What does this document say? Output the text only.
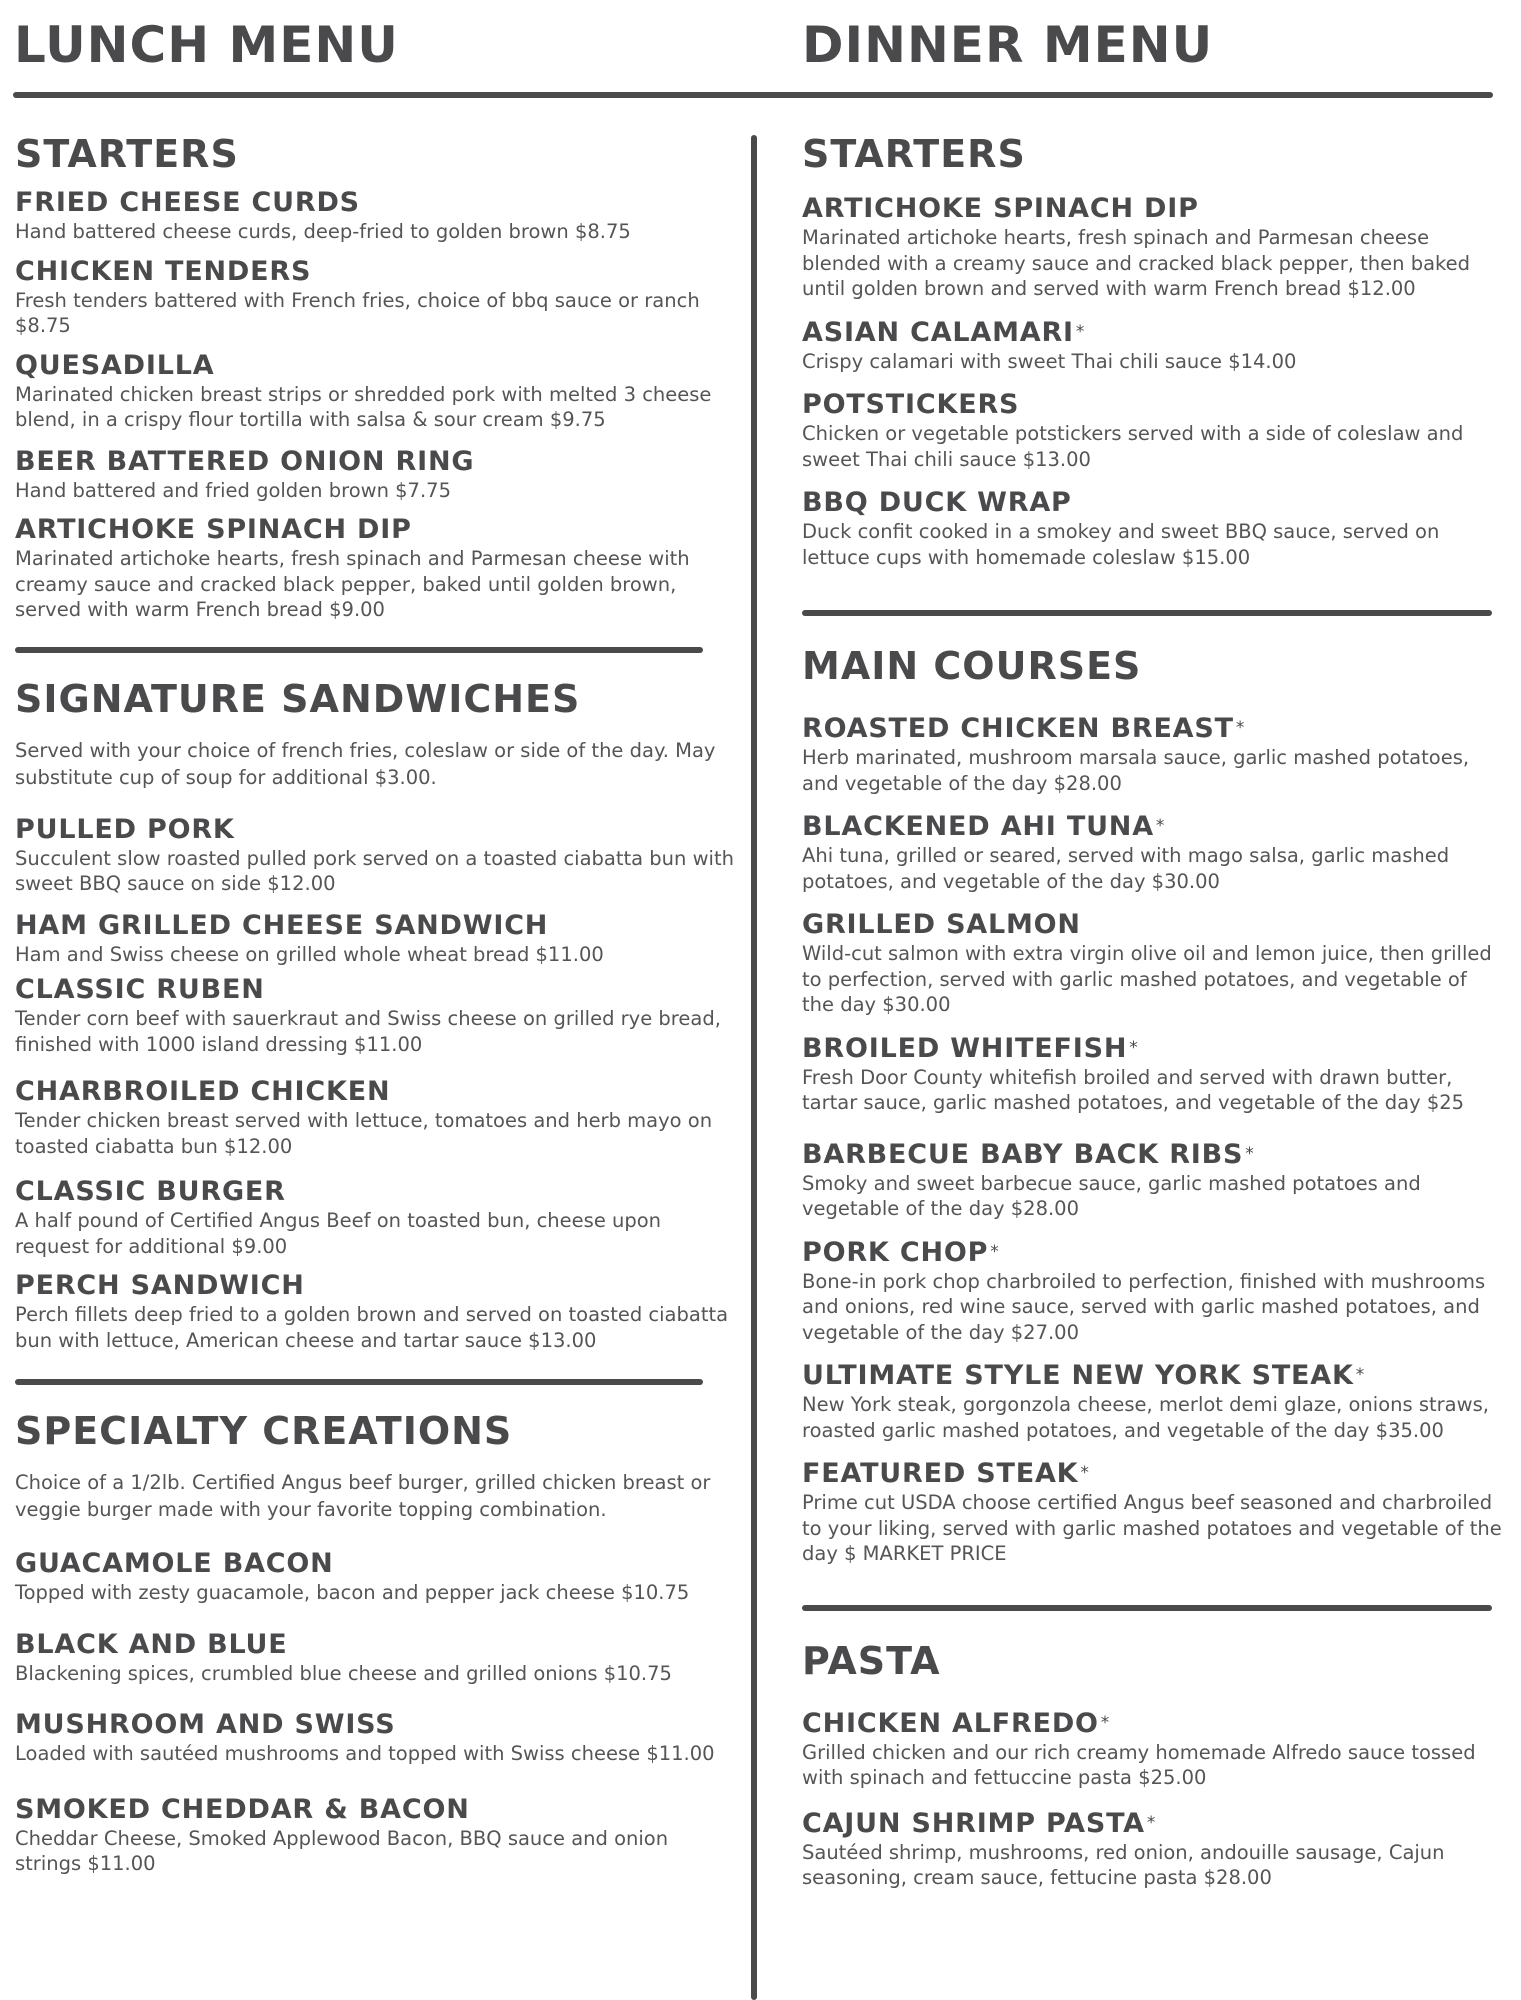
LUNCH MENU	DINNER MENU
STARTERS
FRIED CHEESE CURDS

Hand battered cheese curds, deep-fried to golden brown $8.75

CHICKEN TENDERS

Fresh tenders battered with French fries, choice of bbq sauce or ranch $8.75

QUESADILLA

Marinated chicken breast strips or shredded pork with melted 3 cheese blend, in a crispy flour tortilla with salsa & sour cream $9.75

BEER BATTERED ONION RING

Hand battered and fried golden brown $7.75

ARTICHOKE SPINACH DIP

Marinated artichoke hearts, fresh spinach and Parmesan cheese with creamy sauce and cracked black pepper, baked until golden brown, served with warm French bread $9.00

SIGNATURE SANDWICHES

Served with your choice of french fries, coleslaw or side of the day. May substitute cup of soup for additional $3.00.

PULLED PORK

Succulent slow roasted pulled pork served on a toasted ciabatta bun with sweet BBQ sauce on side $12.00

HAM GRILLED CHEESE SANDWICH

Ham and Swiss cheese on grilled whole wheat bread $11.00

CLASSIC RUBEN

Tender corn beef with sauerkraut and Swiss cheese on grilled rye bread, finished with 1000 island dressing $11.00

CHARBROILED CHICKEN

Tender chicken breast served with lettuce, tomatoes and herb mayo on toasted ciabatta bun $12.00

CLASSIC BURGER

A half pound of Certified Angus Beef on toasted bun, cheese upon request for additional $9.00

PERCH SANDWICH

Perch fillets deep fried to a golden brown and served on toasted ciabatta bun with lettuce, American cheese and tartar sauce $13.00

SPECIALTY CREATIONS

Choice of a 1/2lb. Certified Angus beef burger, grilled chicken breast or veggie burger made with your favorite topping combination.

GUACAMOLE BACON

Topped with zesty guacamole, bacon and pepper jack cheese $10.75

BLACK AND BLUE

Blackening spices, crumbled blue cheese and grilled onions $10.75

MUSHROOM AND SWISS

Loaded with sautéed mushrooms and topped with Swiss cheese $11.00

SMOKED CHEDDAR & BACON

Cheddar Cheese, Smoked Applewood Bacon, BBQ sauce and onion strings $11.00

STARTERS
ARTICHOKE SPINACH DIP

Marinated artichoke hearts, fresh spinach and Parmesan cheese blended with a creamy sauce and cracked black pepper, then baked until golden brown and served with warm French bread $12.00

ASIAN CALAMARI *

Crispy calamari with sweet Thai chili sauce $14.00

POTSTICKERS

Chicken or vegetable potstickers served with a side of coleslaw and sweet Thai chili sauce $13.00

BBQ DUCK WRAP

Duck confit cooked in a smokey and sweet BBQ sauce, served on lettuce cups with homemade coleslaw $15.00

MAIN COURSES
ROASTED CHICKEN BREAST *

Herb marinated, mushroom marsala sauce, garlic mashed potatoes, and vegetable of the day $28.00

BLACKENED AHI TUNA *

Ahi tuna, grilled or seared, served with mago salsa, garlic mashed potatoes, and vegetable of the day $30.00

GRILLED SALMON

Wild-cut salmon with extra virgin olive oil and lemon juice, then grilled to perfection, served with garlic mashed potatoes, and vegetable of the day $30.00

BROILED WHITEFISH *

Fresh Door County whitefish broiled and served with drawn butter, tartar sauce, garlic mashed potatoes, and vegetable of the day $25

BARBECUE BABY BACK RIBS *

Smoky and sweet barbecue sauce, garlic mashed potatoes and vegetable of the day $28.00

PORK CHOP *

Bone-in pork chop charbroiled to perfection, finished with mushrooms and onions, red wine sauce, served with garlic mashed potatoes, and vegetable of the day $27.00

ULTIMATE STYLE NEW YORK STEAK *

New York steak, gorgonzola cheese, merlot demi glaze, onions straws, roasted garlic mashed potatoes, and vegetable of the day $35.00

FEATURED STEAK *

Prime cut USDA choose certified Angus beef seasoned and charbroiled to your liking, served with garlic mashed potatoes and vegetable of the day $ MARKET PRICE

PASTA
CHICKEN ALFREDO *

Grilled chicken and our rich creamy homemade Alfredo sauce tossed with spinach and fettuccine pasta $25.00

CAJUN SHRIMP PASTA *

Sautéed shrimp, mushrooms, red onion, andouille sausage, Cajun seasoning, cream sauce, fettucine pasta $28.00
